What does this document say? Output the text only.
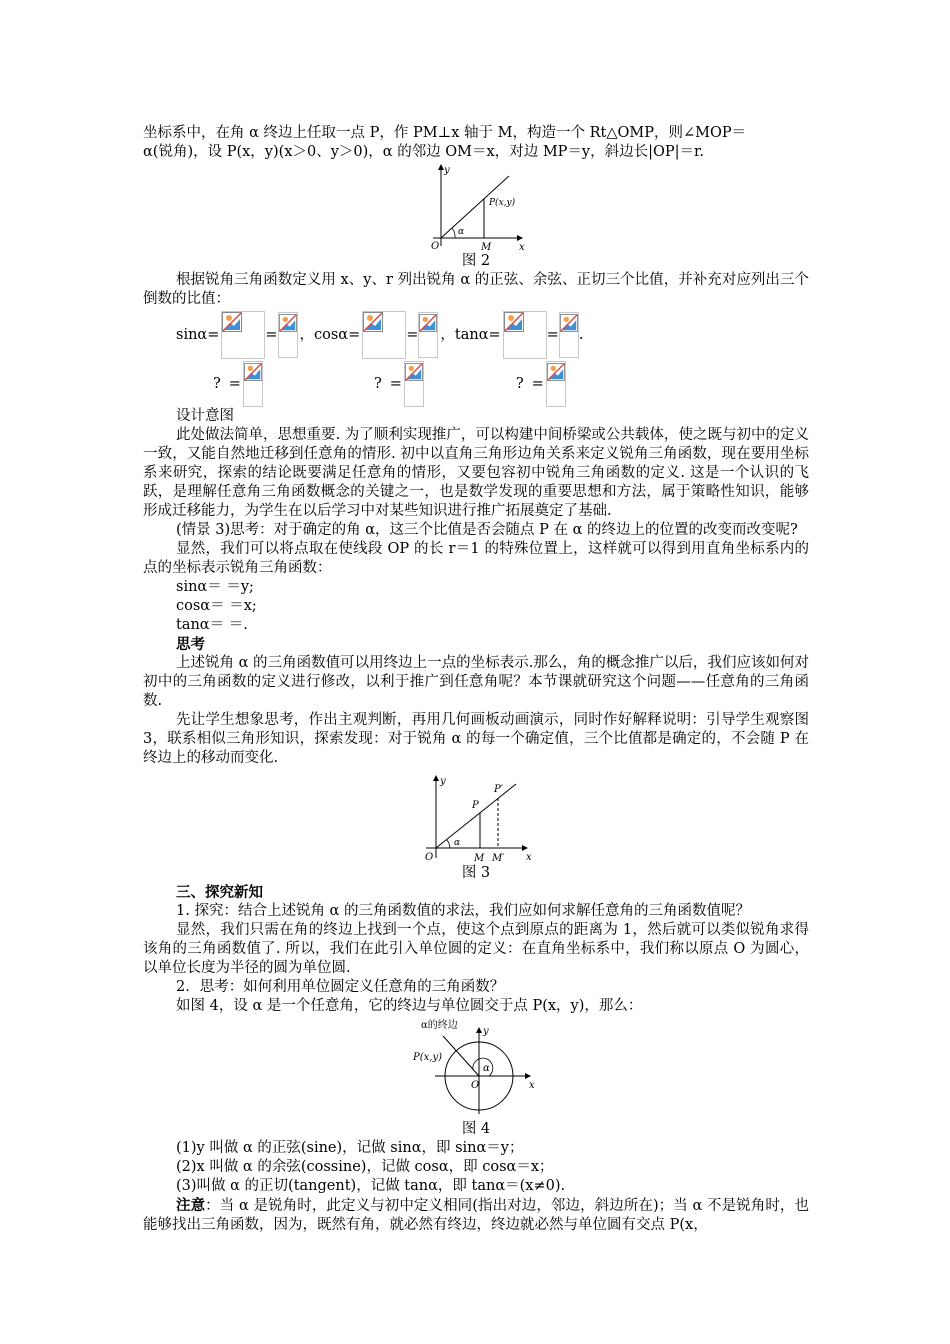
坐标系中，在角 α 终边上任取一点 P，作 PM⊥x 轴于 M，构造一个 Rt△OMP，则∠MOP＝

α(锐角)，设 P(x，y)(x＞0、y＞0)，α 的邻边 OM＝x，对边 MP＝y，斜边长|OP|＝r.

y
x
O	M
α
P(x,y)

图 2

根据锐角三角函数定义用 x、y、r 列出锐角 α 的正弦、余弦、正切三个比值，并补充对应列出三个倒数的比值：

sinα=	= ，cosα=	= ，tanα=	= .
? =	? =	? =

设计意图

此处做法简单，思想重要. 为了顺利实现推广，可以构建中间桥梁或公共载体，使之既与初中的定义一致，又能自然地迁移到任意角的情形. 初中以直角三角形边角关系来定义锐角三角函数，现在要用坐标系来研究，探索的结论既要满足任意角的情形，又要包容初中锐角三角函数的定义. 这是一个认识的飞跃，是理解任意角三角函数概念的关键之一，也是数学发现的重要思想和方法，属于策略性知识，能够形成迁移能力，为学生在以后学习中对某些知识进行推广拓展奠定了基础.

(情景 3)思考：对于确定的角 α，这三个比值是否会随点 P 在 α 的终边上的位置的改变而改变呢?

显然，我们可以将点取在使线段 OP 的长 r＝1 的特殊位置上，这样就可以得到用直角坐标系内的点的坐标表示锐角三角函数：

sinα＝ ＝y;

cosα＝ ＝x;

tanα＝ ＝.

思考

上述锐角 α 的三角函数值可以用终边上一点的坐标表示.那么，角的概念推广以后，我们应该如何对初中的三角函数的定义进行修改，以利于推广到任意角呢？本节课就研究这个问题——任意角的三角函数.

先让学生想象思考，作出主观判断，再用几何画板动画演示，同时作好解释说明：引导学生观察图 3，联系相似三角形知识，探索发现：对于锐角 α 的每一个确定值，三个比值都是确定的，不会随 P 在终边上的移动而变化.

y
x
O	M M′
P
P′
α

图 3

三、探究新知

1. 探究：结合上述锐角 α 的三角函数值的求法，我们应如何求解任意角的三角函数值呢？

显然，我们只需在角的终边上找到一个点，使这个点到原点的距离为 1，然后就可以类似锐角求得该角的三角函数值了. 所以，我们在此引入单位圆的定义：在直角坐标系中，我们称以原点 O 为圆心，以单位长度为半径的圆为单位圆.

2．思考：如何利用单位圆定义任意角的三角函数？

如图 4，设 α 是一个任意角，它的终边与单位圆交于点 P(x，y)，那么：

α的终边
P(x,y)
α
O	x
y

图 4

(1)y 叫做 α 的正弦(sine)，记做 sinα，即 sinα＝y；

(2)x 叫做 α 的余弦(cossine)，记做 cosα，即 cosα＝x；

(3)叫做 α 的正切(tangent)，记做 tanα，即 tanα＝(x≠0).

注意：当 α 是锐角时，此定义与初中定义相同(指出对边，邻边，斜边所在)；当 α 不是锐角时，也能够找出三角函数，因为，既然有角，就必然有终边，终边就必然与单位圆有交点 P(x，
